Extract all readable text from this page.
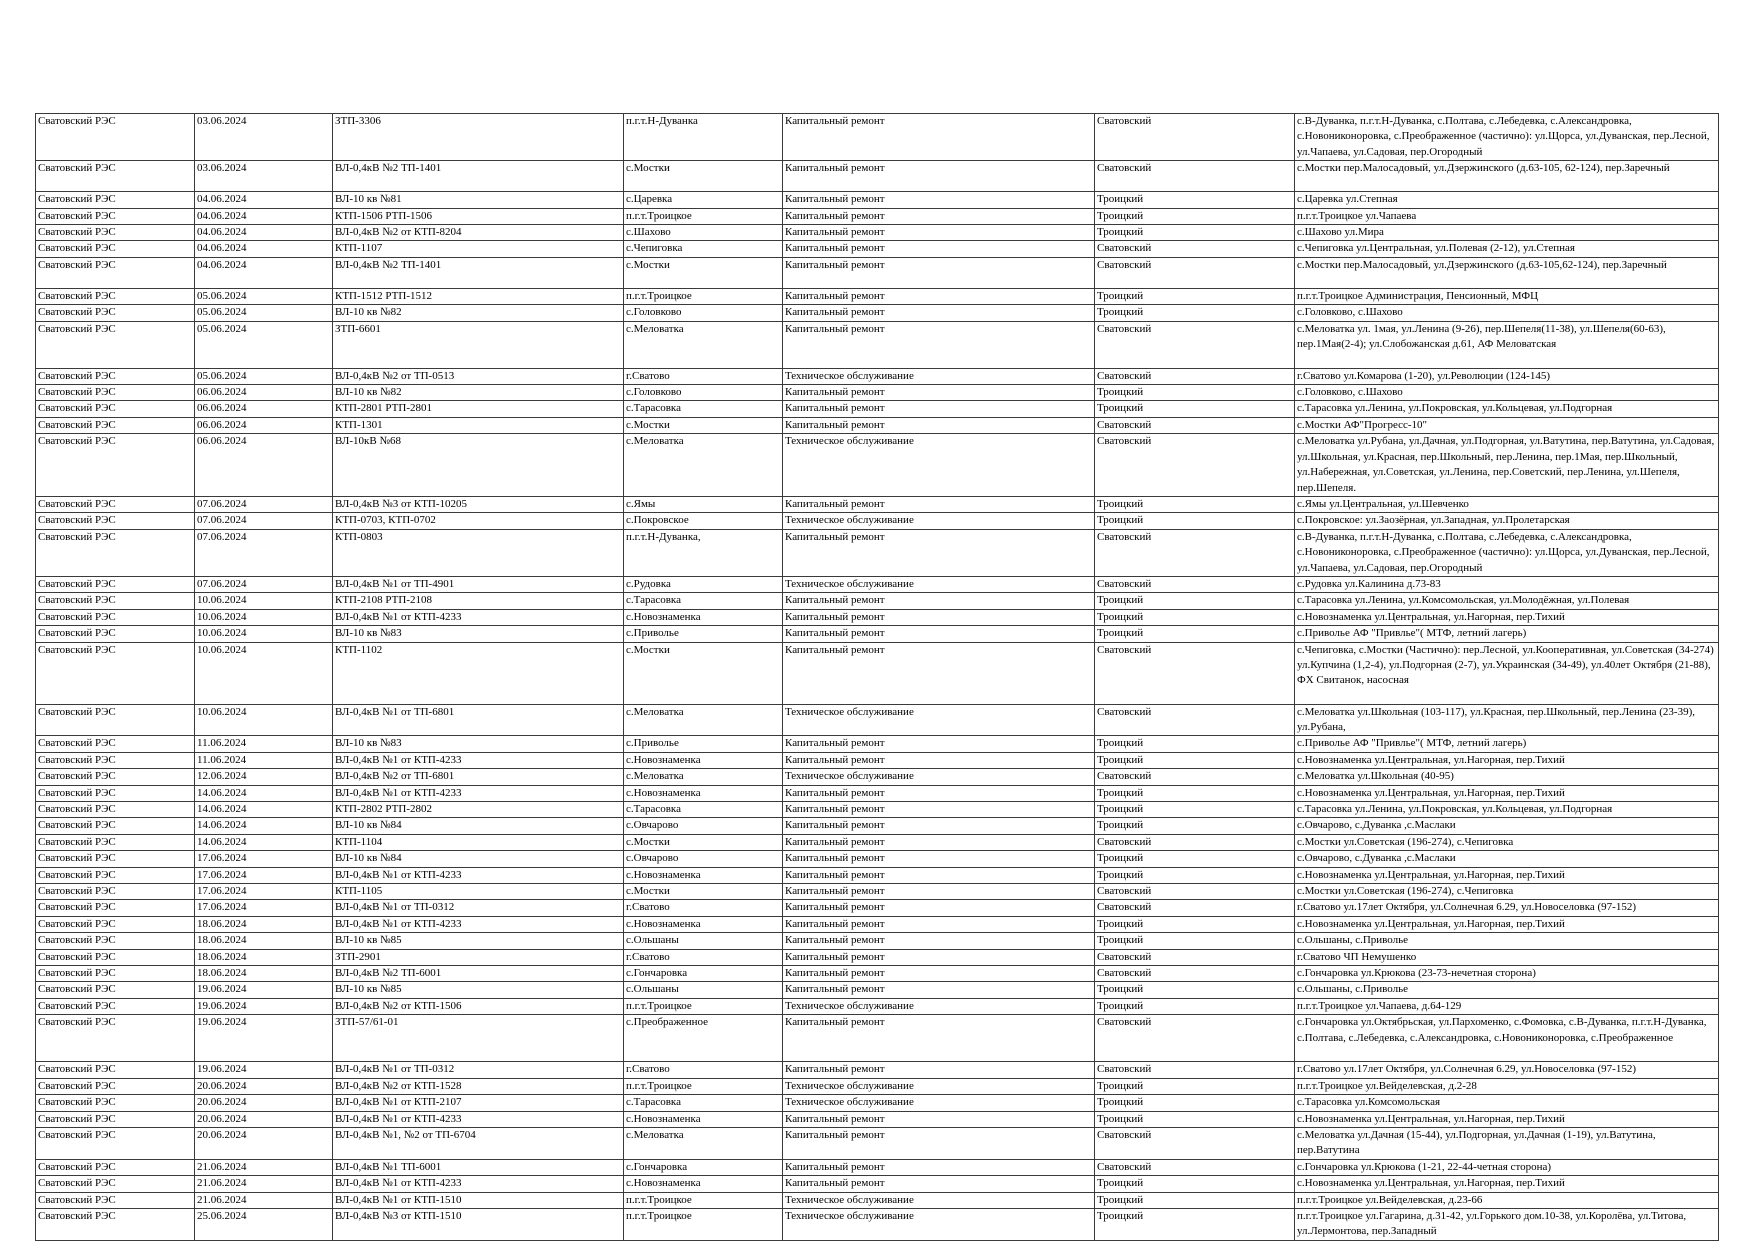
Сватовский РЭС	03.06.2024	ЗТП-3306	п.г.т.Н-Дуванка	Капитальный ремонт	Сватовский	с.В-Дуванка, п.г.т.Н-Дуванка, с.Полтава, с.Лебедевка, с.Александровка, с.Новониконоровка, с.Преображенное (частично): ул.Щорса, ул.Дуванская, пер.Лесной, ул.Чапаева, ул.Садовая, пер.Огородный
Сватовский РЭС	03.06.2024	ВЛ-0,4кВ №2 ТП-1401	с.Мостки	Капитальный ремонт	Сватовский	с.Мостки пер.Малосадовый, ул.Дзержинского (д.63-105, 62-124), пер.Заречный
Сватовский РЭС	04.06.2024	ВЛ-10 кв №81	с.Царевка	Капитальный ремонт	Троицкий	с.Царевка ул.Степная
Сватовский РЭС	04.06.2024	КТП-1506 РТП-1506	п.г.т.Троицкое	Капитальный ремонт	Троицкий	п.г.т.Троицкое ул.Чапаева
Сватовский РЭС	04.06.2024	ВЛ-0,4кВ №2 от КТП-8204	с.Шахово	Капитальный ремонт	Троицкий	с.Шахово ул.Мира
Сватовский РЭС	04.06.2024	КТП-1107	с.Чепиговка	Капитальный ремонт	Сватовский	с.Чепиговка ул.Центральная, ул.Полевая (2-12), ул.Степная
Сватовский РЭС	04.06.2024	ВЛ-0,4кВ №2 ТП-1401	с.Мостки	Капитальный ремонт	Сватовский	с.Мостки пер.Малосадовый, ул.Дзержинского (д.63-105,62-124), пер.Заречный
Сватовский РЭС	05.06.2024	КТП-1512 РТП-1512	п.г.т.Троицкое	Капитальный ремонт	Троицкий	п.г.т.Троицкое Администрация, Пенсионный, МФЦ
Сватовский РЭС	05.06.2024	ВЛ-10 кв №82	с.Головково	Капитальный ремонт	Троицкий	с.Головково, с.Шахово
Сватовский РЭС	05.06.2024	ЗТП-6601	с.Меловатка	Капитальный ремонт	Сватовский	с.Меловатка ул. 1мая, ул.Ленина (9-26), пер.Шепеля(11-38), ул.Шепеля(60-63), пер.1Мая(2-4); ул.Слобожанская д.61, АФ Меловатская
Сватовский РЭС	05.06.2024	ВЛ-0,4кВ №2 от ТП-0513	г.Сватово	Техническое обслуживание	Сватовский	г.Сватово ул.Комарова (1-20), ул.Революции (124-145)
Сватовский РЭС	06.06.2024	ВЛ-10 кв №82	с.Головково	Капитальный ремонт	Троицкий	с.Головково, с.Шахово
Сватовский РЭС	06.06.2024	КТП-2801 РТП-2801	с.Тарасовка	Капитальный ремонт	Троицкий	с.Тарасовка ул.Ленина, ул.Покровская, ул.Кольцевая, ул.Подгорная
Сватовский РЭС	06.06.2024	КТП-1301	с.Мостки	Капитальный ремонт	Сватовский	с.Мостки АФ"Прогресс-10"
Сватовский РЭС	06.06.2024	ВЛ-10кВ №68	с.Меловатка	Техническое обслуживание	Сватовский	с.Меловатка ул.Рубана, ул.Дачная, ул.Подгорная, ул.Ватутина, пер.Ватутина, ул.Садовая, ул.Школьная, ул.Красная, пер.Школьный, пер.Ленина, пер.1Мая, пер.Школьный, ул.Набережная, ул.Советская, ул.Ленина, пер.Советский, пер.Ленина, ул.Шепеля, пер.Шепеля.
Сватовский РЭС	07.06.2024	ВЛ-0,4кВ №3 от КТП-10205	с.Ямы	Капитальный ремонт	Троицкий	с.Ямы ул.Центральная, ул.Шевченко
Сватовский РЭС	07.06.2024	КТП-0703, КТП-0702	с.Покровское	Техническое обслуживание	Троицкий	с.Покровское: ул.Заозёрная, ул.Западная, ул.Пролетарская
Сватовский РЭС	07.06.2024	КТП-0803	п.г.т.Н-Дуванка,	Капитальный ремонт	Сватовский	с.В-Дуванка, п.г.т.Н-Дуванка, с.Полтава, с.Лебедевка, с.Александровка, с.Новониконоровка, с.Преображенное (частично): ул.Щорса, ул.Дуванская, пер.Лесной, ул.Чапаева, ул.Садовая, пер.Огородный
Сватовский РЭС	07.06.2024	ВЛ-0,4кВ №1 от ТП-4901	с.Рудовка	Техническое обслуживание	Сватовский	с.Рудовка ул.Калинина д.73-83
Сватовский РЭС	10.06.2024	КТП-2108 РТП-2108	с.Тарасовка	Капитальный ремонт	Троицкий	с.Тарасовка ул.Ленина, ул.Комсомольская, ул.Молодёжная, ул.Полевая
Сватовский РЭС	10.06.2024	ВЛ-0,4кВ №1 от КТП-4233	с.Новознаменка	Капитальный ремонт	Троицкий	с.Новознаменка ул.Центральная, ул.Нагорная, пер.Тихий
Сватовский РЭС	10.06.2024	ВЛ-10 кв №83	с.Приволье	Капитальный ремонт	Троицкий	с.Приволье АФ "Привлье"( МТФ, летний лагерь)
Сватовский РЭС	10.06.2024	КТП-1102	с.Мостки	Капитальный ремонт	Сватовский	с.Чепиговка, с.Мостки (Частично): пер.Лесной, ул.Кооперативная, ул.Советская (34-274) ул.Купчина (1,2-4), ул.Подгорная (2-7), ул.Украинская (34-49), ул.40лет Октября (21-88), ФХ Свитанок, насосная
Сватовский РЭС	10.06.2024	ВЛ-0,4кВ №1 от ТП-6801	с.Меловатка	Техническое обслуживание	Сватовский	с.Меловатка ул.Школьная (103-117), ул.Красная, пер.Школьный, пер.Ленина (23-39), ул.Рубана,
Сватовский РЭС	11.06.2024	ВЛ-10 кв №83	с.Приволье	Капитальный ремонт	Троицкий	с.Приволье АФ "Привлье"( МТФ, летний лагерь)
Сватовский РЭС	11.06.2024	ВЛ-0,4кВ №1 от КТП-4233	с.Новознаменка	Капитальный ремонт	Троицкий	с.Новознаменка ул.Центральная, ул.Нагорная, пер.Тихий
Сватовский РЭС	12.06.2024	ВЛ-0,4кВ №2 от ТП-6801	с.Меловатка	Техническое обслуживание	Сватовский	с.Меловатка ул.Школьная (40-95)
Сватовский РЭС	14.06.2024	ВЛ-0,4кВ №1 от КТП-4233	с.Новознаменка	Капитальный ремонт	Троицкий	с.Новознаменка ул.Центральная, ул.Нагорная, пер.Тихий
Сватовский РЭС	14.06.2024	КТП-2802 РТП-2802	с.Тарасовка	Капитальный ремонт	Троицкий	с.Тарасовка ул.Ленина, ул.Покровская, ул.Кольцевая, ул.Подгорная
Сватовский РЭС	14.06.2024	ВЛ-10 кв №84	с.Овчарово	Капитальный ремонт	Троицкий	с.Овчарово, с.Дуванка ,с.Маслаки
Сватовский РЭС	14.06.2024	КТП-1104	с.Мостки	Капитальный ремонт	Сватовский	с.Мостки ул.Советская (196-274), с.Чепиговка
Сватовский РЭС	17.06.2024	ВЛ-10 кв №84	с.Овчарово	Капитальный ремонт	Троицкий	с.Овчарово, с.Дуванка ,с.Маслаки
Сватовский РЭС	17.06.2024	ВЛ-0,4кВ №1 от КТП-4233	с.Новознаменка	Капитальный ремонт	Троицкий	с.Новознаменка ул.Центральная, ул.Нагорная, пер.Тихий
Сватовский РЭС	17.06.2024	КТП-1105	с.Мостки	Капитальный ремонт	Сватовский	с.Мостки ул.Советская (196-274), с.Чепиговка
Сватовский РЭС	17.06.2024	ВЛ-0,4кВ №1 от ТП-0312	г.Сватово	Капитальный ремонт	Сватовский	г.Сватово ул.17лет Октября, ул.Солнечная 6.29, ул.Новоселовка (97-152)
Сватовский РЭС	18.06.2024	ВЛ-0,4кВ №1 от КТП-4233	с.Новознаменка	Капитальный ремонт	Троицкий	с.Новознаменка ул.Центральная, ул.Нагорная, пер.Тихий
Сватовский РЭС	18.06.2024	ВЛ-10 кв №85	с.Ольшаны	Капитальный ремонт	Троицкий	с.Ольшаны, с.Приволье
Сватовский РЭС	18.06.2024	ЗТП-2901	г.Сватово	Капитальный ремонт	Сватовский	г.Сватово ЧП Немушенко
Сватовский РЭС	18.06.2024	ВЛ-0,4кВ №2 ТП-6001	с.Гончаровка	Капитальный ремонт	Сватовский	с.Гончаровка ул.Крюкова (23-73-нечетная сторона)
Сватовский РЭС	19.06.2024	ВЛ-10 кв №85	с.Ольшаны	Капитальный ремонт	Троицкий	с.Ольшаны, с.Приволье
Сватовский РЭС	19.06.2024	ВЛ-0,4кВ №2 от КТП-1506	п.г.т.Троицкое	Техническое обслуживание	Троицкий	п.г.т.Троицкое ул.Чапаева, д.64-129
Сватовский РЭС	19.06.2024	ЗТП-57/61-01	с.Преображенное	Капитальный ремонт	Сватовский	с.Гончаровка ул.Октябрьская, ул.Пархоменко, с.Фомовка, с.В-Дуванка, п.г.т.Н-Дуванка, с.Полтава, с.Лебедевка, с.Александровка, с.Новониконоровка, с.Преображенное
Сватовский РЭС	19.06.2024	ВЛ-0,4кВ №1 от ТП-0312	г.Сватово	Капитальный ремонт	Сватовский	г.Сватово ул.17лет Октября, ул.Солнечная 6.29, ул.Новоселовка (97-152)
Сватовский РЭС	20.06.2024	ВЛ-0,4кВ №2 от КТП-1528	п.г.т.Троицкое	Техническое обслуживание	Троицкий	п.г.т.Троицкое ул.Вейделевская, д.2-28
Сватовский РЭС	20.06.2024	ВЛ-0,4кВ №1 от КТП-2107	с.Тарасовка	Техническое обслуживание	Троицкий	с.Тарасовка ул.Комсомольская
Сватовский РЭС	20.06.2024	ВЛ-0,4кВ №1 от КТП-4233	с.Новознаменка	Капитальный ремонт	Троицкий	с.Новознаменка ул.Центральная, ул.Нагорная, пер.Тихий
Сватовский РЭС	20.06.2024	ВЛ-0,4кВ №1, №2 от ТП-6704	с.Меловатка	Капитальный ремонт	Сватовский	с.Меловатка ул.Дачная (15-44), ул.Подгорная, ул.Дачная (1-19), ул.Ватутина, пер.Ватутина
Сватовский РЭС	21.06.2024	ВЛ-0,4кВ №1 ТП-6001	с.Гончаровка	Капитальный ремонт	Сватовский	с.Гончаровка ул.Крюкова (1-21, 22-44-четная сторона)
Сватовский РЭС	21.06.2024	ВЛ-0,4кВ №1 от КТП-4233	с.Новознаменка	Капитальный ремонт	Троицкий	с.Новознаменка ул.Центральная, ул.Нагорная, пер.Тихий
Сватовский РЭС	21.06.2024	ВЛ-0,4кВ №1 от КТП-1510	п.г.т.Троицкое	Техническое обслуживание	Троицкий	п.г.т.Троицкое ул.Вейделевская, д.23-66
Сватовский РЭС	25.06.2024	ВЛ-0,4кВ №3 от КТП-1510	п.г.т.Троицкое	Техническое обслуживание	Троицкий	п.г.т.Троицкое ул.Гагарина, д.31-42, ул.Горького дом.10-38, ул.Королёва, ул.Титова, ул.Лермонтова, пер.Западный
